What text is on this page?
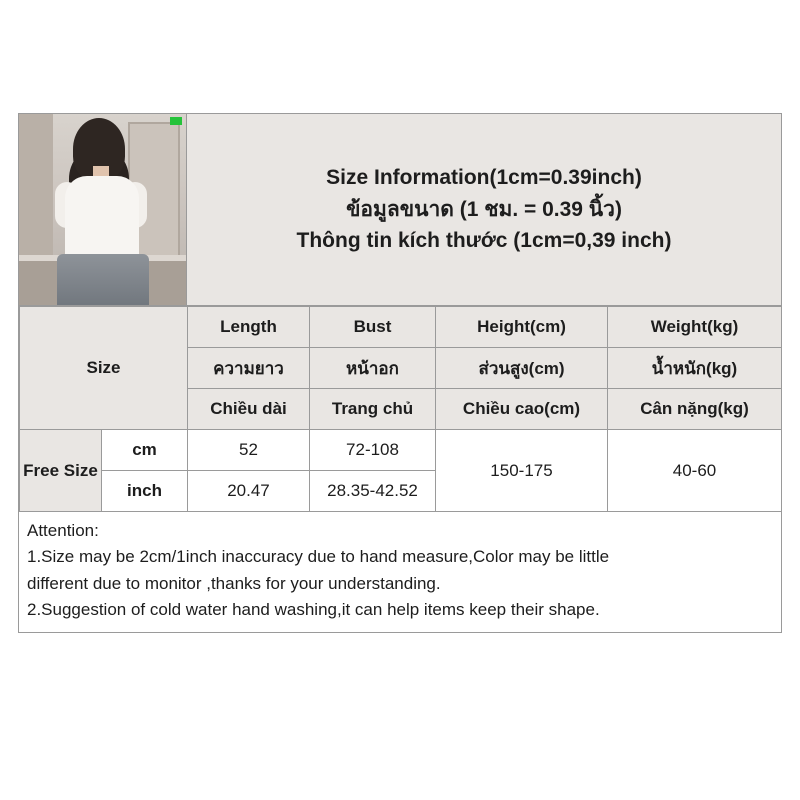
Size Information(1cm=0.39inch)
ข้อมูลขนาด (1 ชม. = 0.39 นิ้ว)
Thông tin kích thước (1cm=0,39 inch)
Size		Length	Bust	Height(cm)	Weight(kg)
		ความยาว	หน้าอก	ส่วนสูง(cm)	น้ำหนัก(kg)
		Chiều dài	Trang chủ	Chiều cao(cm)	Cân nặng(kg)
Free Size	cm	52	72-108	150-175	40-60
	inch	20.47	28.35-42.52		
Attention:
1.Size may be 2cm/1inch inaccuracy due to hand measure,Color may be little
different due to monitor ,thanks for your understanding.
2.Suggestion of cold water hand washing,it can help items keep their shape.
